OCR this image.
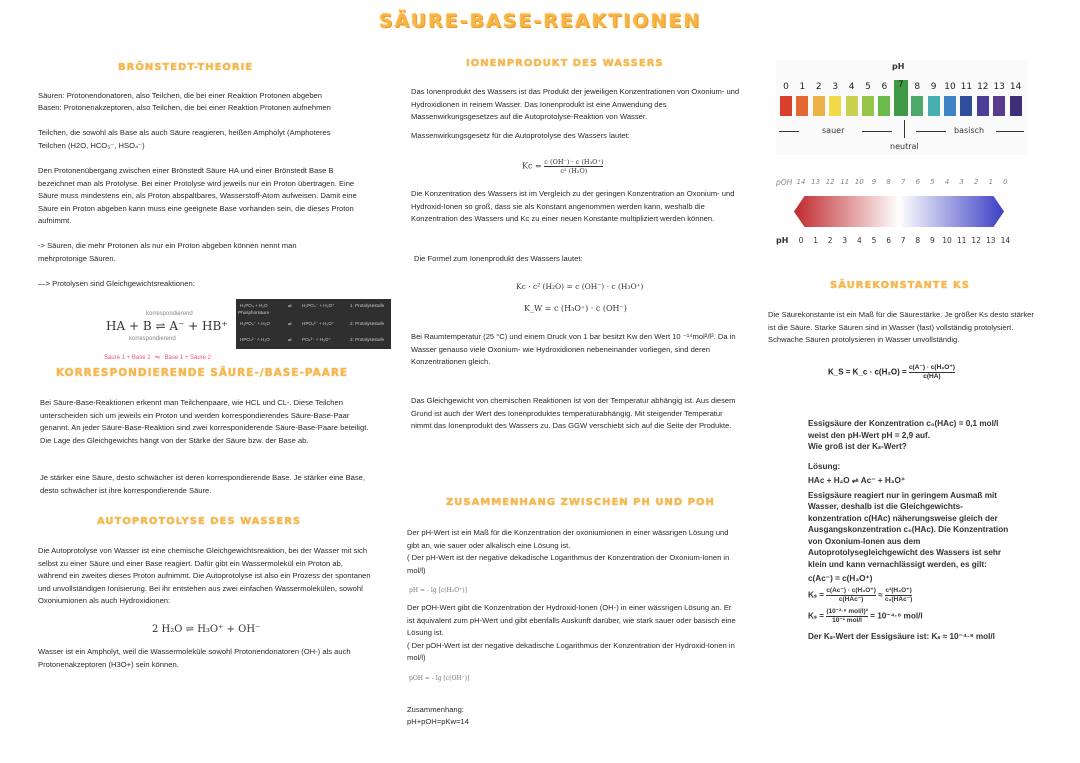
SÄURE-BASE-REAKTIONEN
BRÖNSTEDT-THEORIE

Säuren: Protonendonatoren, also Teilchen, die bei einer Reaktion Protonen abgeben

Basen: Protonenakzeptoren, also Teilchen, die bei einer Reaktion Protonen aufnehmen

Teilchen, die sowohl als Base als auch Säure reagieren, heißen Ampholyt (Amphoteres Teilchen (H2O, HCO₃⁻, HSO₄⁻)

Den Protonenübergang zwischen einer Brönstedt Säure HA und einer Brönstedt Base B bezeichnet man als Protolyse. Bei einer Protolyse wird jeweils nur ein Proton übertragen. Eine Säure muss mindestens ein, als Proton abspaltbares, Wasserstoff-Atom aufweisen. Damit eine Säure ein Proton abgeben kann muss eine geeignete Base vorhanden sein, die dieses Proton aufnimmt.

-> Säuren, die mehr Protonen als nur ein Proton abgeben können nennt man mehrprotonige Säuren.

—> Protolysen sind Gleichgewichtsreaktionen:

korrespondierend
HA + B ⇌ A⁻ + HB⁺
korrespondierend
Säure 1 + Base 2 ⇋ Base 1 + Säure 2
Phosphorsäure
H₃PO₄ + H₂O	⇌ H₂PO₄⁻ + H₃O⁺	1. Protolysestufe
H₂PO₄⁻ + H₂O	⇌ HPO₄²⁻ + H₃O⁺	2. Protolysestufe
HPO₄²⁻ + H₂O	⇌ PO₄³⁻ + H₃O⁺	3. Protolysestufe
KORRESPONDIERENDE SÄURE-/BASE-PAARE

Bei Säure-Base-Reaktionen erkennt man Teilchenpaare, wie HCL und CL-. Diese Teilchen unterscheiden sich um jeweils ein Proton und werden korrespondierendes Säure-Base-Paar genannt. An jeder Säure-Base-Reaktion sind zwei korresponiderende Säure-Base-Paare beteiligt. Die Lage des Gleichgewichts hängt von der Stärke der Säure bzw. der Base ab.

Je stärker eine Säure, desto schwächer ist deren korrespondierende Base. Je stärker eine Base, desto schwächer ist ihre korrespondierende Säure.

AUTOPROTOLYSE DES WASSERS

Die Autoprotolyse von Wasser ist eine chemische Gleichgewichtsreaktion, bei der Wasser mit sich selbst zu einer Säure und einer Base reagiert. Dafür gibt ein Wassermolekül ein Proton ab, während ein zweites dieses Proton aufnimmt. Die Autoprotolyse ist also ein Prozess der spontanen und unvollständigen Ionisierung. Bei ihr entstehen aus zwei einfachen Wassermolekülen, sowohl Oxoniumionen als auch Hydroxidionen:

2 H₂O ⇌ H₃O⁺ + OH⁻

Wasser ist ein Ampholyt, weil die Wassermoleküle sowohl Protonendonatoren (OH-) als auch Protonenakzeptoren (H3O+) sein können.

IONENPRODUKT DES WASSERS

Das Ionenprodukt des Wassers ist das Produkt der jeweiligen Konzentrationen von Oxonium- und Hydroxidionen in reinem Wasser. Das Ionenprodukt ist eine Anwendung des Massenwirkungsgesetzes auf die Autoprotolyse-Reaktion von Wasser.

Massenwirkungsgesetz für die Autoprotolyse des Wassers lautet:

$Kc = \frac{\text{c (OH⁻) · c (H₃O⁺)}}{\text{c² (H₂O)}}$

Die Konzentration des Wassers ist im Vergleich zu der geringen Konzentration an Oxonium- und Hydroxid-Ionen so groß, dass sie als Konstant angenommen werden kann, weshalb die Konzentration des Wassers und Kc zu einer neuen Konstante multipliziert werden können.

Die Formel zum Ionenprodukt des Wassers lautet:

Kc · c² (H₂O) = c (OH⁻) · c (H₃O⁺)
K_W = c (H₃O⁺) · c (OH⁻)

Bei Raumtemperatur (25 °C) und einem Druck von 1 bar besitzt Kw den Wert 10 ⁻¹⁴mol²/l². Da in Wasser genauso viele Oxonium- wie Hydroxidionen nebeneinander vorliegen, sind deren Konzentrationen gleich.

Das Gleichgewicht von chemischen Reaktionen ist von der Temperatur abhängig ist. Aus diesem Grund ist auch der Wert des Ionenproduktes temperaturabhängig. Mit steigender Temperatur nimmt das Ionenprodukt des Wassers zu. Das GGW verschiebt sich auf die Seite der Produkte.

ZUSAMMENHANG ZWISCHEN PH UND POH

Der pH-Wert ist ein Maß für die Konzentration der oxoniumionen in einer wässrigen Lösung und gibt an, wie sauer oder alkalisch eine Lösung ist.
( Der pH-Wert ist der negative dekadische Logarithmus der Konzentration der Oxonium-Ionen in mol/l)

pH = - lg [c(H₃O⁺)]

Der pOH-Wert gibt die Konzentration der Hydroxid-Ionen (OH-) in einer wässrigen Lösung an. Er ist äquivalent zum pH-Wert und gibt ebenfalls Auskunft darüber, wie stark sauer oder basisch eine Lösung ist.
( Der pOH-Wert ist der negative dekadische Logarithmus der Konzentration der Hydroxid-Ionen in mol/l)

pOH = - lg [c(OH⁻)]

Zusammenhang:

pH+pOH=pKw=14

pH
0	1	2	3	4	5	6	7	8	9 10 11 12 13 14
sauer
neutral
basisch
pOH 14 13 12 11 10	9	8	7	6	5	4	3	2	1	0
pH	0	1	2	3	4	5	6	7	8	9 10 11 12 13 14
SÄUREKONSTANTE KS

Die Säurekonstante ist ein Maß für die Säurestärke. Je größer Ks desto stärker ist die Säure. Starke Säuren sind in Wasser (fast) vollständig protolysiert. Schwache Säuren protolysieren in Wasser unvollständig.

K_S = K_c · $c(H_2O) = \frac{\text{c(A⁻) · c(H₃O⁺)}}{c(HA)}$
Essigsäure der Konzentration c₀(HAc) = 0,1 mol/l
weist den pH-Wert pH = 2,9 auf.
Wie groß ist der Kₛ-Wert?
Lösung:
HAc + H₂O ⇌ Ac⁻ + H₃O⁺

Essigsäure reagiert nur in geringem Ausmaß mit Wasser, deshalb ist die Gleichgewichts-konzentration c(HAc) näherungsweise gleich der Ausgangskonzentration c₀(HAc). Die Konzentration von Oxonium-Ionen aus dem Autoprotolysegleichgewicht des Wassers ist sehr klein und kann vernachlässigt werden, es gilt:

c(Ac⁻) = c(H₃O⁺)
$K_s = \frac{\text{c(Ac⁻) · c(H₃O⁺)}}{\text{c(HAc⁻)}} \approx \frac{\text{c²(H₃O⁺)}}{\text{c₀(HAc⁻)}}$
$K_s = \frac{\text{(10⁻²·⁹ mol/l)²}}{\text{10⁻¹ mol/l}} = 10^{-4}\cdot^8$ mol/l
Der Kₛ-Wert der Essigsäure ist: Kₛ ≈ 10⁻⁴·⁸ mol/l
